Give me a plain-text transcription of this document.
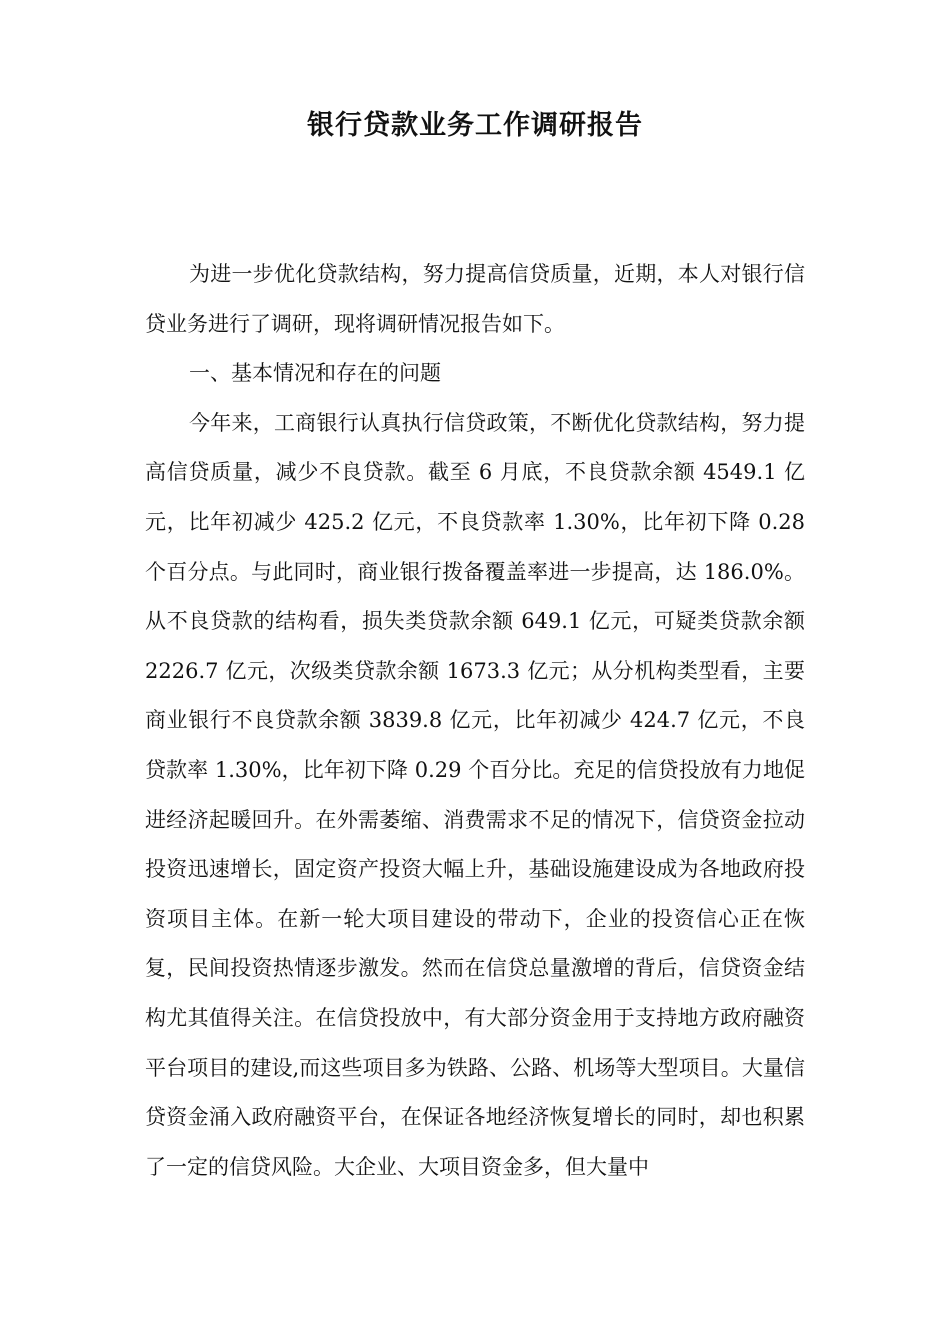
银行贷款业务工作调研报告

为进一步优化贷款结构，努力提高信贷质量，近期，本人对银行信贷业务进行了调研，现将调研情况报告如下。

一、基本情况和存在的问题

今年来，工商银行认真执行信贷政策，不断优化贷款结构，努力提高信贷质量，减少不良贷款。截至 6 月底，不良贷款余额 4549.1 亿元，比年初减少 425.2 亿元，不良贷款率 1.30%，比年初下降 0.28 个百分点。与此同时，商业银行拨备覆盖率进一步提高，达 186.0%。从不良贷款的结构看，损失类贷款余额 649.1 亿元，可疑类贷款余额 2226.7 亿元，次级类贷款余额 1673.3 亿元；从分机构类型看，主要商业银行不良贷款余额 3839.8 亿元，比年初减少 424.7 亿元，不良贷款率 1.30%，比年初下降 0.29 个百分比。充足的信贷投放有力地促进经济起暖回升。在外需萎缩、消费需求不足的情况下，信贷资金拉动投资迅速增长，固定资产投资大幅上升，基础设施建设成为各地政府投资项目主体。在新一轮大项目建设的带动下，企业的投资信心正在恢复，民间投资热情逐步激发。然而在信贷总量激增的背后，信贷资金结构尤其值得关注。在信贷投放中，有大部分资金用于支持地方政府融资平台项目的建设,而这些项目多为铁路、公路、机场等大型项目。大量信贷资金涌入政府融资平台，在保证各地经济恢复增长的同时，却也积累了一定的信贷风险。大企业、大项目资金多，但大量中
